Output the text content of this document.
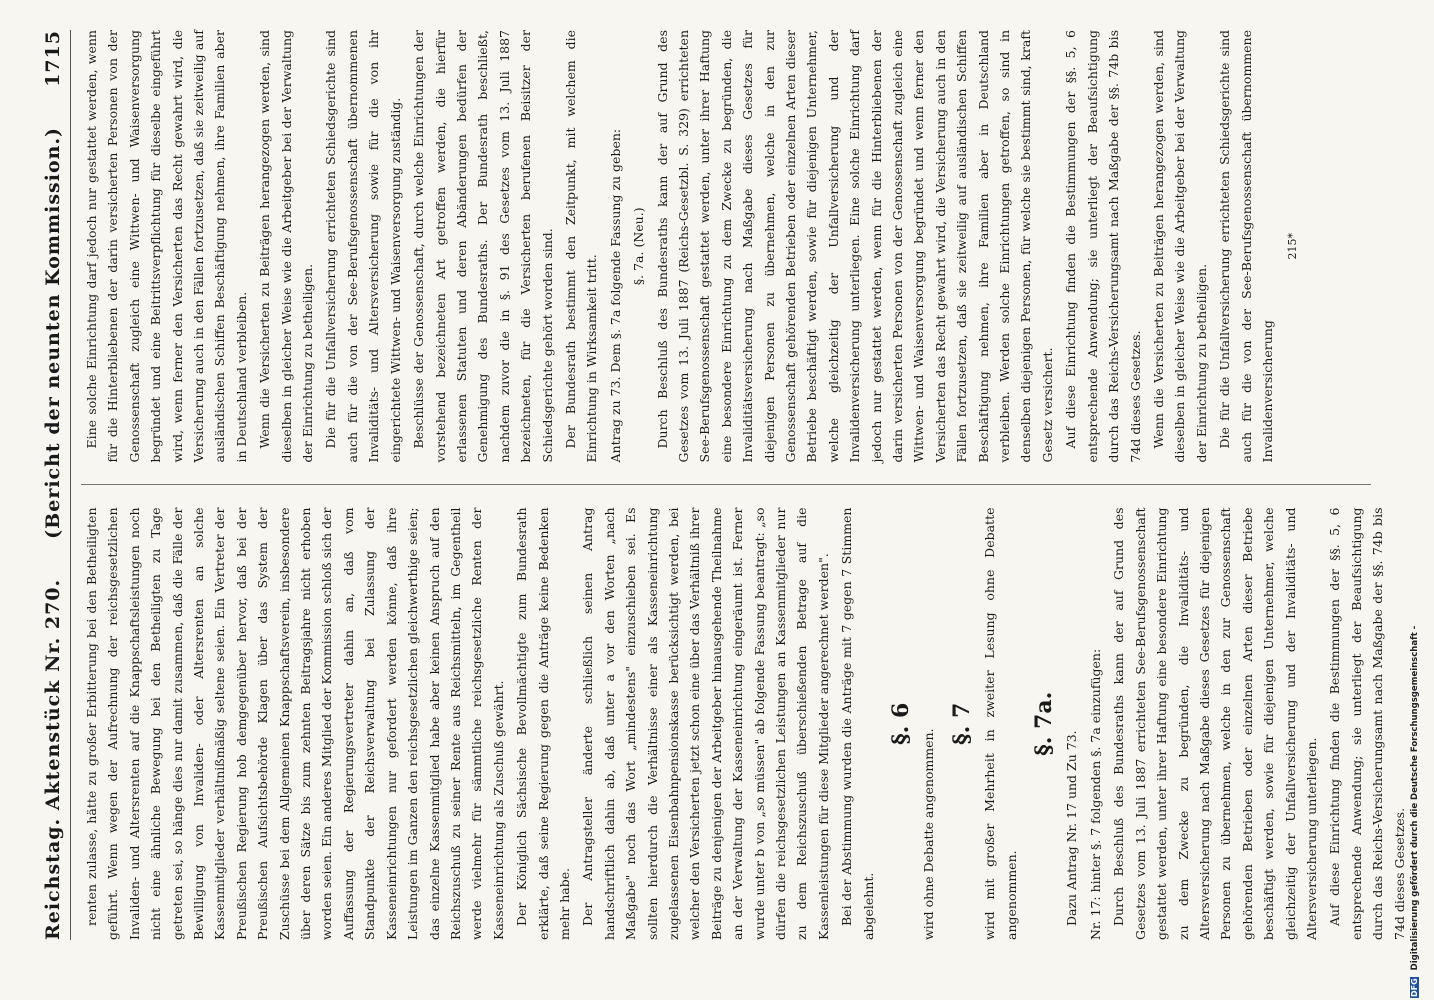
Reichstag. Aktenstück Nr. 270.
(Bericht der neunten Kommission.)
1715

renten zulasse, hätte zu großer Erbitterung bei den Betheiligten geführt. Wenn wegen der Aufrechnung der reichsgesetzlichen Invaliden- und Altersrenten auf die Knappschaftsleistungen noch nicht eine ähnliche Bewegung bei den Betheiligten zu Tage getreten sei, so hänge dies nur damit zusammen, daß die Fälle der Bewilligung von Invaliden- oder Altersrenten an solche Kassenmitglieder verhältnißmäßig seltene seien. Ein Vertreter der Preußischen Regierung hob demgegenüber hervor, daß bei der Preußischen Aufsichtsbehörde Klagen über das System der Zuschüsse bei dem Allgemeinen Knappschaftsverein, insbesondere über deren Sätze bis zum zehnten Beitragsjahre nicht erhoben worden seien. Ein anderes Mitglied der Kommission schloß sich der Auffassung der Regierungsvertreter dahin an, daß vom Standpunkte der Reichsverwaltung bei Zulassung der Kasseneinrichtungen nur gefordert werden könne, daß ihre Leistungen im Ganzen den reichsgesetzlichen gleichwerthige seien; das einzelne Kassenmitglied habe aber keinen Anspruch auf den Reichszuschuß zu seiner Rente aus Reichsmitteln, im Gegentheil werde vielmehr für sämmtliche reichsgesetzliche Renten der Kasseneinrichtung als Zuschuß gewährt. Der Königlich Sächsische Bevollmächtigte zum Bundesrath erklärte, daß seine Regierung gegen die Anträge keine Bedenken mehr habe. Der Antragsteller änderte schließlich seinen Antrag handschriftlich dahin ab, daß unter a vor den Worten „nach Maßgabe" noch das Wort „mindestens" einzuschieben sei. Es sollten hierdurch die Verhältnisse einer als Kasseneinrichtung zugelassenen Eisenbahnpensionskasse berücksichtigt werden, bei welcher den Versicherten jetzt schon eine über das Verhältniß ihrer Beiträge zu denjenigen der Arbeitgeber hinausgehende Theilnahme an der Verwaltung der Kasseneinrichtung eingeräumt ist. Ferner wurde unter b von „so müssen" ab folgende Fassung beantragt: „so dürfen die reichsgesetzlichen Leistungen an Kassenmitglieder nur zu dem Reichszuschuß überschießenden Betrage auf die Kassenleistungen für diese Mitglieder angerechnet werden". Bei der Abstimmung wurden die Anträge mit 7 gegen 7 Stimmen abgelehnt.

§. 6

wird ohne Debatte angenommen.

§. 7 wird mit großer Mehrheit in zweiter Lesung ohne Debatte angenommen.

§. 7a.

Dazu Antrag Nr. 17 und Zu 73. Nr. 17: hinter §. 7 folgenden §. 7a einzufügen: Durch Beschluß des Bundesraths kann der auf Grund des Gesetzes vom 13. Juli 1887 errichteten See-Berufsgenossenschaft gestattet werden, unter ihrer Haftung eine besondere Einrichtung zu dem Zwecke zu begründen, die Invaliditäts- und Altersversicherung nach Maßgabe dieses Gesetzes für diejenigen Personen zu übernehmen, welche in den zur Genossenschaft gehörenden Betrieben oder einzelnen Arten dieser Betriebe beschäftigt werden, sowie für diejenigen Unternehmer, welche gleichzeitig der Unfallversicherung und der Invaliditäts- und Altersversicherung unterliegen. Auf diese Einrichtung finden die Bestimmungen der §§. 5, 6 entsprechende Anwendung; sie unterliegt der Beaufsichtigung durch das Reichs-Versicherungsamt nach Maßgabe der §§. 74b bis 74d dieses Gesetzes.

Eine solche Einrichtung darf jedoch nur gestattet werden, wenn für die Hinterbliebenen der darin versicherten Personen von der Genossenschaft zugleich eine Wittwen- und Waisenversorgung begründet und eine Beitrittsverpflichtung für dieselbe eingeführt wird, wenn ferner den Versicherten das Recht gewahrt wird, die Versicherung auch in den Fällen fortzusetzen, daß sie zeitweilig auf ausländischen Schiffen Beschäftigung nehmen, ihre Familien aber in Deutschland verbleiben. Wenn die Versicherten zu Beiträgen herangezogen werden, sind dieselben in gleicher Weise wie die Arbeitgeber bei der Verwaltung der Einrichtung zu betheiligen. Die für die Unfallversicherung errichteten Schiedsgerichte sind auch für die von der See-Berufsgenossenschaft übernommenen Invaliditäts- und Altersversicherung sowie für die von ihr eingerichtete Wittwen- und Waisenversorgung zuständig. Beschlüsse der Genossenschaft, durch welche Einrichtungen der vorstehend bezeichneten Art getroffen werden, die hierfür erlassenen Statuten und deren Abänderungen bedürfen der Genehmigung des Bundesraths. Der Bundesrath beschließt, nachdem zuvor die in §. 91 des Gesetzes vom 13. Juli 1887 bezeichneten, für die Versicherten berufenen Beisitzer der Schiedsgerichte gehört worden sind. Der Bundesrath bestimmt den Zeitpunkt, mit welchem die Einrichtung in Wirksamkeit tritt. Antrag zu 73. Dem §. 7a folgende Fassung zu geben: §. 7a. (Neu.) Durch Beschluß des Bundesraths kann der auf Grund des Gesetzes vom 13. Juli 1887 (Reichs-Gesetzbl. S. 329) errichteten See-Berufsgenossenschaft gestattet werden, unter ihrer Haftung eine besondere Einrichtung zu dem Zwecke zu begründen, die Invaliditätsversicherung nach Maßgabe dieses Gesetzes für diejenigen Personen zu übernehmen, welche in den zur Genossenschaft gehörenden Betrieben oder einzelnen Arten dieser Betriebe beschäftigt werden, sowie für diejenigen Unternehmer, welche gleichzeitig der Unfallversicherung und der Invalidenversicherung unterliegen. Eine solche Einrichtung darf jedoch nur gestattet werden, wenn für die Hinterbliebenen der darin versicherten Personen von der Genossenschaft zugleich eine Wittwen- und Waisenversorgung begründet und wenn ferner den Versicherten das Recht gewahrt wird, die Versicherung auch in den Fällen fortzusetzen, daß sie zeitweilig auf ausländischen Schiffen Beschäftigung nehmen, ihre Familien aber in Deutschland verbleiben. Werden solche Einrichtungen getroffen, so sind in denselben diejenigen Personen, für welche sie bestimmt sind, kraft Gesetz versichert. Auf diese Einrichtung finden die Bestimmungen der §§. 5, 6 entsprechende Anwendung; sie unterliegt der Beaufsichtigung durch das Reichs-Versicherungsamt nach Maßgabe der §§. 74b bis 74d dieses Gesetzes. Wenn die Versicherten zu Beiträgen herangezogen werden, sind dieselben in gleicher Weise wie die Arbeitgeber bei der Verwaltung der Einrichtung zu betheiligen. Die für die Unfallversicherung errichteten Schiedsgerichte sind auch für die von der See-Berufsgenossenschaft übernommene Invalidenversicherung

215*
DFG Digitalisierung gefördert durch die Deutsche Forschungsgemeinschaft -
